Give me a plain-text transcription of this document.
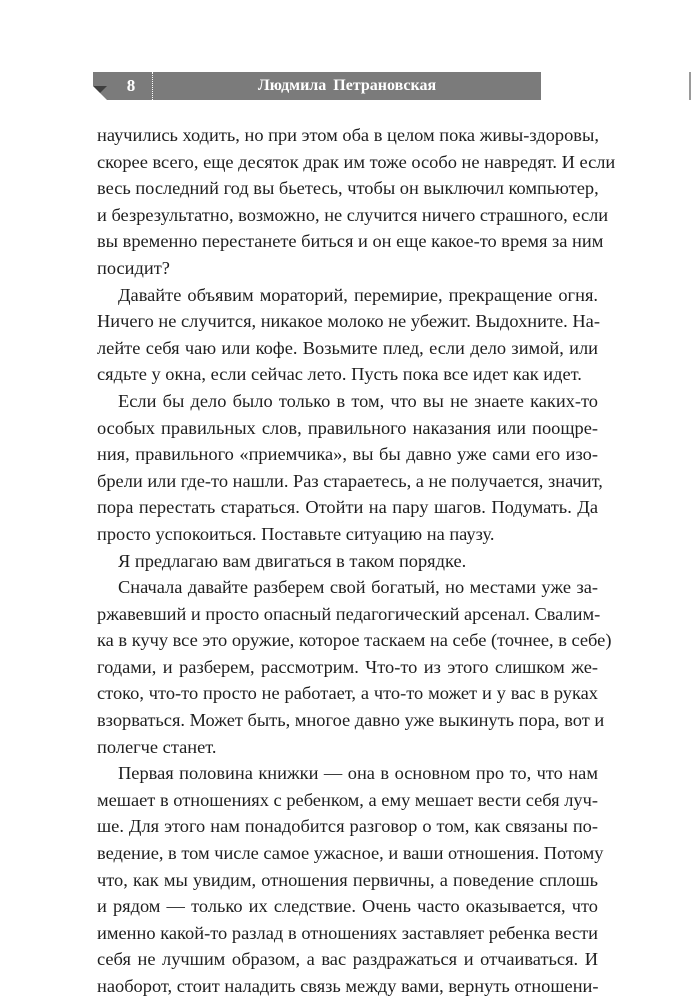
8	Людмила Петрановская
научились ходить, но при этом оба в целом пока живы-здоровы,
скорее всего, еще десяток драк им тоже особо не навредят. И если
весь последний год вы бьетесь, чтобы он выключил компьютер,
и безрезультатно, возможно, не случится ничего страшного, если
вы временно перестанете биться и он еще какое-то время за ним
посидит?
Давайте объявим мораторий, перемирие, прекращение огня.
Ничего не случится, никакое молоко не убежит. Выдохните. На-
лейте себя чаю или кофе. Возьмите плед, если дело зимой, или
сядьте у окна, если сейчас лето. Пусть пока все идет как идет.
Если бы дело было только в том, что вы не знаете каких-то
особых правильных слов, правильного наказания или поощре-
ния, правильного «приемчика», вы бы давно уже сами его изо-
брели или где-то нашли. Раз стараетесь, а не получается, значит,
пора перестать стараться. Отойти на пару шагов. Подумать. Да
просто успокоиться. Поставьте ситуацию на паузу.
Я предлагаю вам двигаться в таком порядке.
Сначала давайте разберем свой богатый, но местами уже за-
ржавевший и просто опасный педагогический арсенал. Свалим-
ка в кучу все это оружие, которое таскаем на себе (точнее, в себе)
годами, и разберем, рассмотрим. Что-то из этого слишком же-
стоко, что-то просто не работает, а что-то может и у вас в руках
взорваться. Может быть, многое давно уже выкинуть пора, вот и
полегче станет.
Первая половина книжки — она в основном про то, что нам
мешает в отношениях с ребенком, а ему мешает вести себя луч-
ше. Для этого нам понадобится разговор о том, как связаны по-
ведение, в том числе самое ужасное, и ваши отношения. Потому
что, как мы увидим, отношения первичны, а поведение сплошь
и рядом — только их следствие. Очень часто оказывается, что
именно какой-то разлад в отношениях заставляет ребенка вести
себя не лучшим образом, а вас раздражаться и отчаиваться. И
наоборот, стоит наладить связь между вами, вернуть отношени-
